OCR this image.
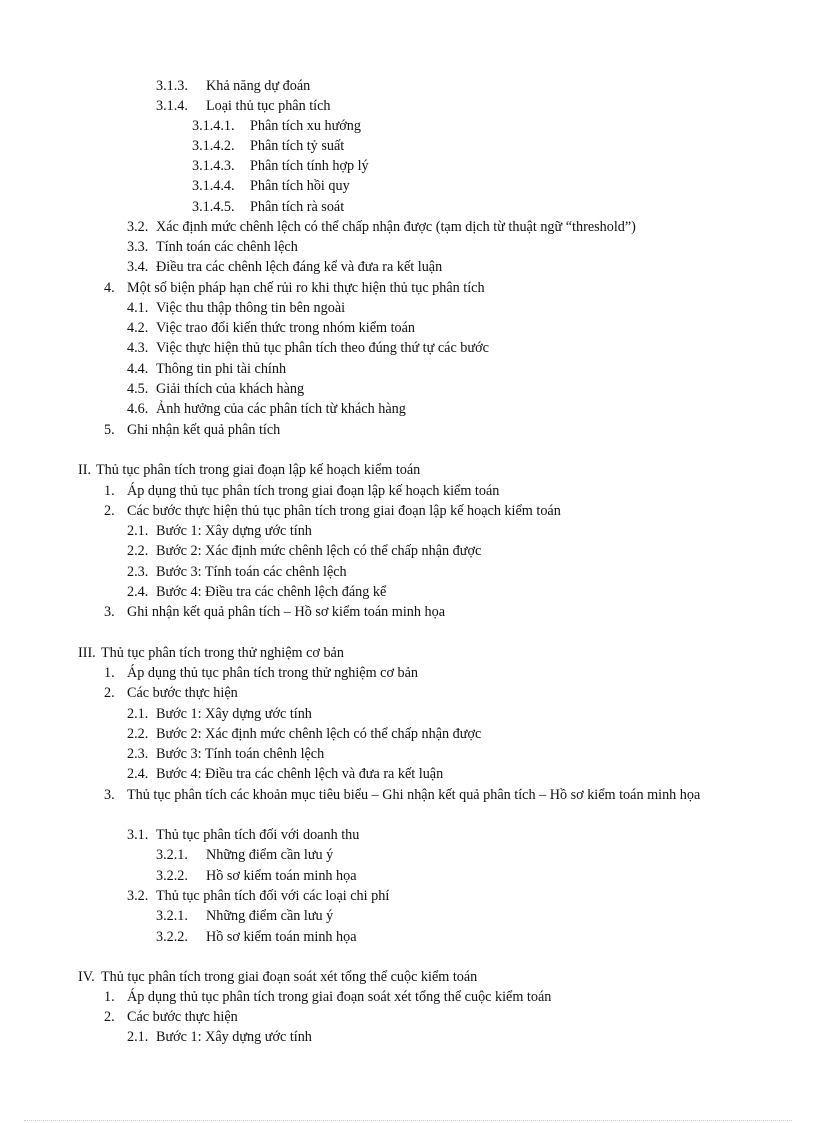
3.1.3. Khả năng dự đoán
3.1.4. Loại thủ tục phân tích
3.1.4.1. Phân tích xu hướng
3.1.4.2. Phân tích tỷ suất
3.1.4.3. Phân tích tính hợp lý
3.1.4.4. Phân tích hồi quy
3.1.4.5. Phân tích rà soát
3.2. Xác định mức chênh lệch có thể chấp nhận được (tạm dịch từ thuật ngữ “threshold”)
3.3. Tính toán các chênh lệch
3.4. Điều tra các chênh lệch đáng kể và đưa ra kết luận
4. Một số biện pháp hạn chế rủi ro khi thực hiện thủ tục phân tích
4.1. Việc thu thập thông tin bên ngoài
4.2. Việc trao đổi kiến thức trong nhóm kiểm toán
4.3. Việc thực hiện thủ tục phân tích theo đúng thứ tự các bước
4.4. Thông tin phi tài chính
4.5. Giải thích của khách hàng
4.6. Ảnh hưởng của các phân tích từ khách hàng
5. Ghi nhận kết quả phân tích
II. Thủ tục phân tích trong giai đoạn lập kế hoạch kiểm toán
1. Áp dụng thủ tục phân tích trong giai đoạn lập kế hoạch kiểm toán
2. Các bước thực hiện thủ tục phân tích trong giai đoạn lập kế hoạch kiểm toán
2.1. Bước 1: Xây dựng ước tính
2.2. Bước 2: Xác định mức chênh lệch có thể chấp nhận được
2.3. Bước 3: Tính toán các chênh lệch
2.4. Bước 4: Điều tra các chênh lệch đáng kể
3. Ghi nhận kết quả phân tích – Hồ sơ kiểm toán minh họa
III. Thủ tục phân tích trong thử nghiệm cơ bản
1. Áp dụng thủ tục phân tích trong thử nghiệm cơ bản
2. Các bước thực hiện
2.1. Bước 1: Xây dựng ước tính
2.2. Bước 2: Xác định mức chênh lệch có thể chấp nhận được
2.3. Bước 3: Tính toán chênh lệch
2.4. Bước 4: Điều tra các chênh lệch và đưa ra kết luận
3. Thủ tục phân tích các khoản mục tiêu biểu – Ghi nhận kết quả phân tích – Hồ sơ kiểm toán minh họa
3.1. Thủ tục phân tích đối với doanh thu
3.2.1. Những điểm cần lưu ý
3.2.2. Hồ sơ kiểm toán minh họa
3.2. Thủ tục phân tích đối với các loại chi phí
3.2.1. Những điểm cần lưu ý
3.2.2. Hồ sơ kiểm toán minh họa
IV. Thủ tục phân tích trong giai đoạn soát xét tổng thể cuộc kiểm toán
1. Áp dụng thủ tục phân tích trong giai đoạn soát xét tổng thể cuộc kiểm toán
2. Các bước thực hiện
2.1. Bước 1: Xây dựng ước tính
